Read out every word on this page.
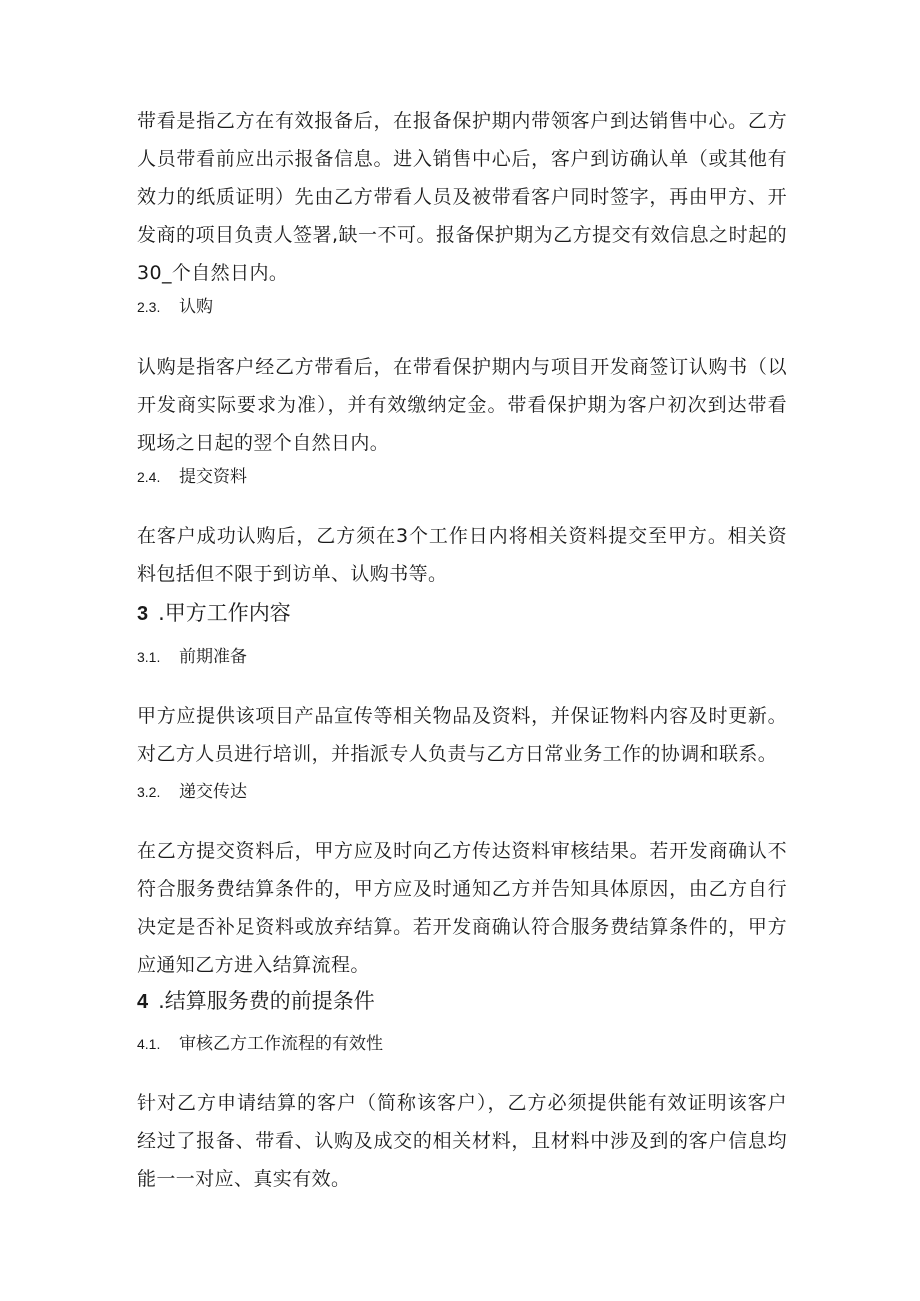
带看是指乙方在有效报备后，在报备保护期内带领客户到达销售中心。乙方人员带看前应出示报备信息。进入销售中心后，客户到访确认单（或其他有效力的纸质证明）先由乙方带看人员及被带看客户同时签字，再由甲方、开发商的项目负责人签署,缺一不可。报备保护期为乙方提交有效信息之时起的30_个自然日内。

2.3. 认购

认购是指客户经乙方带看后，在带看保护期内与项目开发商签订认购书（以开发商实际要求为准），并有效缴纳定金。带看保护期为客户初次到达带看现场之日起的翌个自然日内。

2.4. 提交资料

在客户成功认购后，乙方须在3个工作日内将相关资料提交至甲方。相关资料包括但不限于到访单、认购书等。

3 .甲方工作内容
3.1. 前期准备

甲方应提供该项目产品宣传等相关物品及资料，并保证物料内容及时更新。对乙方人员进行培训，并指派专人负责与乙方日常业务工作的协调和联系。

3.2. 递交传达

在乙方提交资料后，甲方应及时向乙方传达资料审核结果。若开发商确认不符合服务费结算条件的，甲方应及时通知乙方并告知具体原因，由乙方自行决定是否补足资料或放弃结算。若开发商确认符合服务费结算条件的，甲方应通知乙方进入结算流程。

4 .结算服务费的前提条件
4.1. 审核乙方工作流程的有效性

针对乙方申请结算的客户（简称该客户），乙方必须提供能有效证明该客户经过了报备、带看、认购及成交的相关材料，且材料中涉及到的客户信息均能一一对应、真实有效。
